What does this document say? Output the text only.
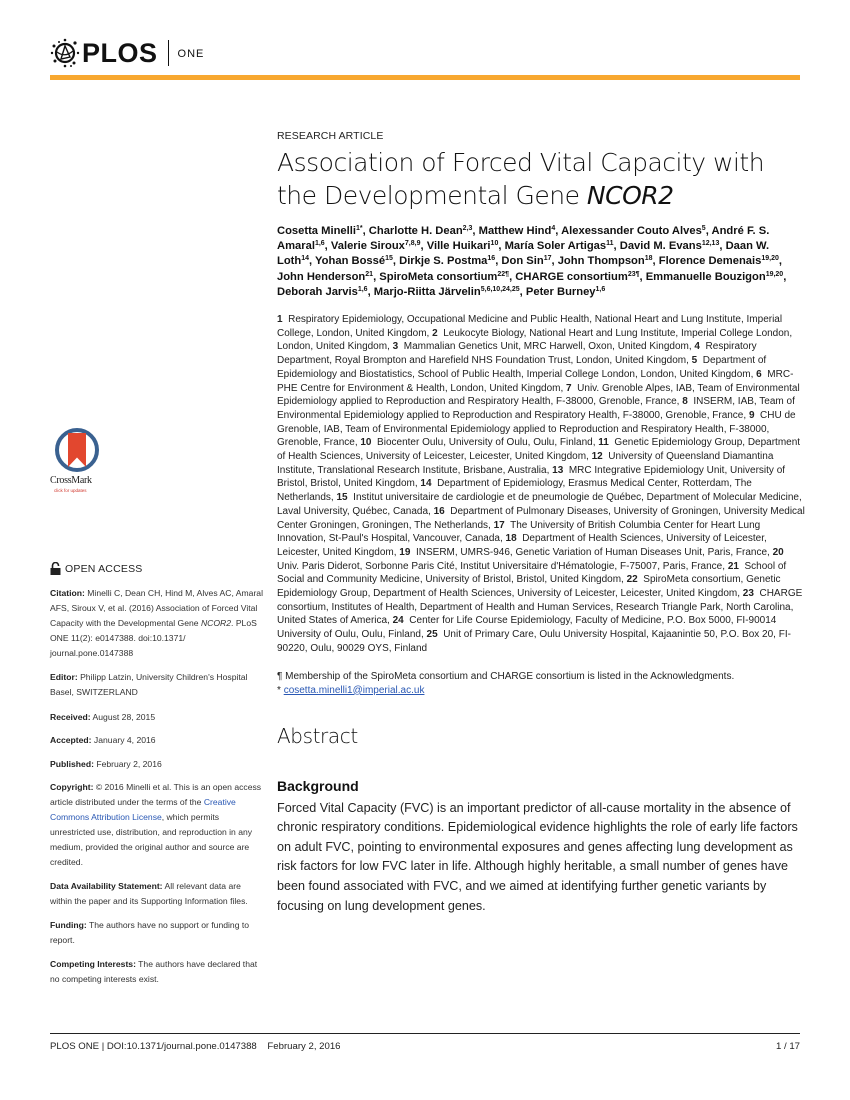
PLOS ONE
CrossMark
click for updates
OPEN ACCESS
Citation: Minelli C, Dean CH, Hind M, Alves AC, Amaral AFS, Siroux V, et al. (2016) Association of Forced Vital Capacity with the Developmental Gene NCOR2. PLoS ONE 11(2): e0147388. doi:10.1371/ journal.pone.0147388
Editor: Philipp Latzin, University Children's Hospital Basel, SWITZERLAND
Received: August 28, 2015
Accepted: January 4, 2016
Published: February 2, 2016
Copyright: © 2016 Minelli et al. This is an open access article distributed under the terms of the Creative Commons Attribution License, which permits unrestricted use, distribution, and reproduction in any medium, provided the original author and source are credited.
Data Availability Statement: All relevant data are within the paper and its Supporting Information files.
Funding: The authors have no support or funding to report.
Competing Interests: The authors have declared that no competing interests exist.
RESEARCH ARTICLE
Association of Forced Vital Capacity with the Developmental Gene NCOR2
Cosetta Minelli$^{1*}$, Charlotte H. Dean$^{2,3}$, Matthew Hind$^4$, Alexessander Couto Alves$^5$, André F. S. Amaral$^{1,6}$, Valerie Siroux$^{7,8,9}$, Ville Huikari$^{10}$, María Soler Artigas$^{11}$, David M. Evans$^{12,13}$, Daan W. Loth$^{14}$, Yohan Bossé$^{15}$, Dirkje S. Postma$^{16}$, Don Sin$^{17}$, John Thompson$^{18}$, Florence Demenais$^{19,20}$, John Henderson$^{21}$, SpiroMeta consortium$^{22\P}$, CHARGE consortium$^{23\P}$, Emmanuelle Bouzigon$^{19,20}$, Deborah Jarvis$^{1,6}$, Marjo-Riitta Järvelin$^{5,6,10,24,25}$, Peter Burney$^{1,6}$
1  Respiratory Epidemiology, Occupational Medicine and Public Health, National Heart and Lung Institute, Imperial College, London, United Kingdom, 2  Leukocyte Biology, National Heart and Lung Institute, Imperial College London, London, United Kingdom, 3  Mammalian Genetics Unit, MRC Harwell, Oxon, United Kingdom, 4  Respiratory Department, Royal Brompton and Harefield NHS Foundation Trust, London, United Kingdom, 5  Department of Epidemiology and Biostatistics, School of Public Health, Imperial College London, London, United Kingdom, 6  MRC-PHE Centre for Environment & Health, London, United Kingdom, 7  Univ. Grenoble Alpes, IAB, Team of Environmental Epidemiology applied to Reproduction and Respiratory Health, F-38000, Grenoble, France, 8  INSERM, IAB, Team of Environmental Epidemiology applied to Reproduction and Respiratory Health, F-38000, Grenoble, France, 9  CHU de Grenoble, IAB, Team of Environmental Epidemiology applied to Reproduction and Respiratory Health, F-38000, Grenoble, France, 10  Biocenter Oulu, University of Oulu, Oulu, Finland, 11  Genetic Epidemiology Group, Department of Health Sciences, University of Leicester, Leicester, United Kingdom, 12  University of Queensland Diamantina Institute, Translational Research Institute, Brisbane, Australia, 13  MRC Integrative Epidemiology Unit, University of Bristol, Bristol, United Kingdom, 14  Department of Epidemiology, Erasmus Medical Center, Rotterdam, The Netherlands, 15  Institut universitaire de cardiologie et de pneumologie de Québec, Department of Molecular Medicine, Laval University, Québec, Canada, 16  Department of Pulmonary Diseases, University of Groningen, University Medical Center Groningen, Groningen, The Netherlands, 17  The University of British Columbia Center for Heart Lung Innovation, St-Paul's Hospital, Vancouver, Canada, 18  Department of Health Sciences, University of Leicester, Leicester, United Kingdom, 19  INSERM, UMRS-946, Genetic Variation of Human Diseases Unit, Paris, France, 20  Univ. Paris Diderot, Sorbonne Paris Cité, Institut Universitaire d'Hématologie, F-75007, Paris, France, 21  School of Social and Community Medicine, University of Bristol, Bristol, United Kingdom, 22  SpiroMeta consortium, Genetic Epidemiology Group, Department of Health Sciences, University of Leicester, Leicester, United Kingdom, 23  CHARGE consortium, Institutes of Health, Department of Health and Human Services, Research Triangle Park, North Carolina, United States of America, 24  Center for Life Course Epidemiology, Faculty of Medicine, P.O. Box 5000, FI-90014 University of Oulu, Oulu, Finland, 25  Unit of Primary Care, Oulu University Hospital, Kajaanintie 50, P.O. Box 20, FI-90220, Oulu, 90029 OYS, Finland
¶ Membership of the SpiroMeta consortium and CHARGE consortium is listed in the Acknowledgments.
* cosetta.minelli1@imperial.ac.uk
Abstract
Background

Forced Vital Capacity (FVC) is an important predictor of all-cause mortality in the absence of chronic respiratory conditions. Epidemiological evidence highlights the role of early life factors on adult FVC, pointing to environmental exposures and genes affecting lung development as risk factors for low FVC later in life. Although highly heritable, a small number of genes have been found associated with FVC, and we aimed at identifying further genetic variants by focusing on lung development genes.

PLOS ONE | DOI:10.1371/journal.pone.0147388    February 2, 2016	1 / 17
